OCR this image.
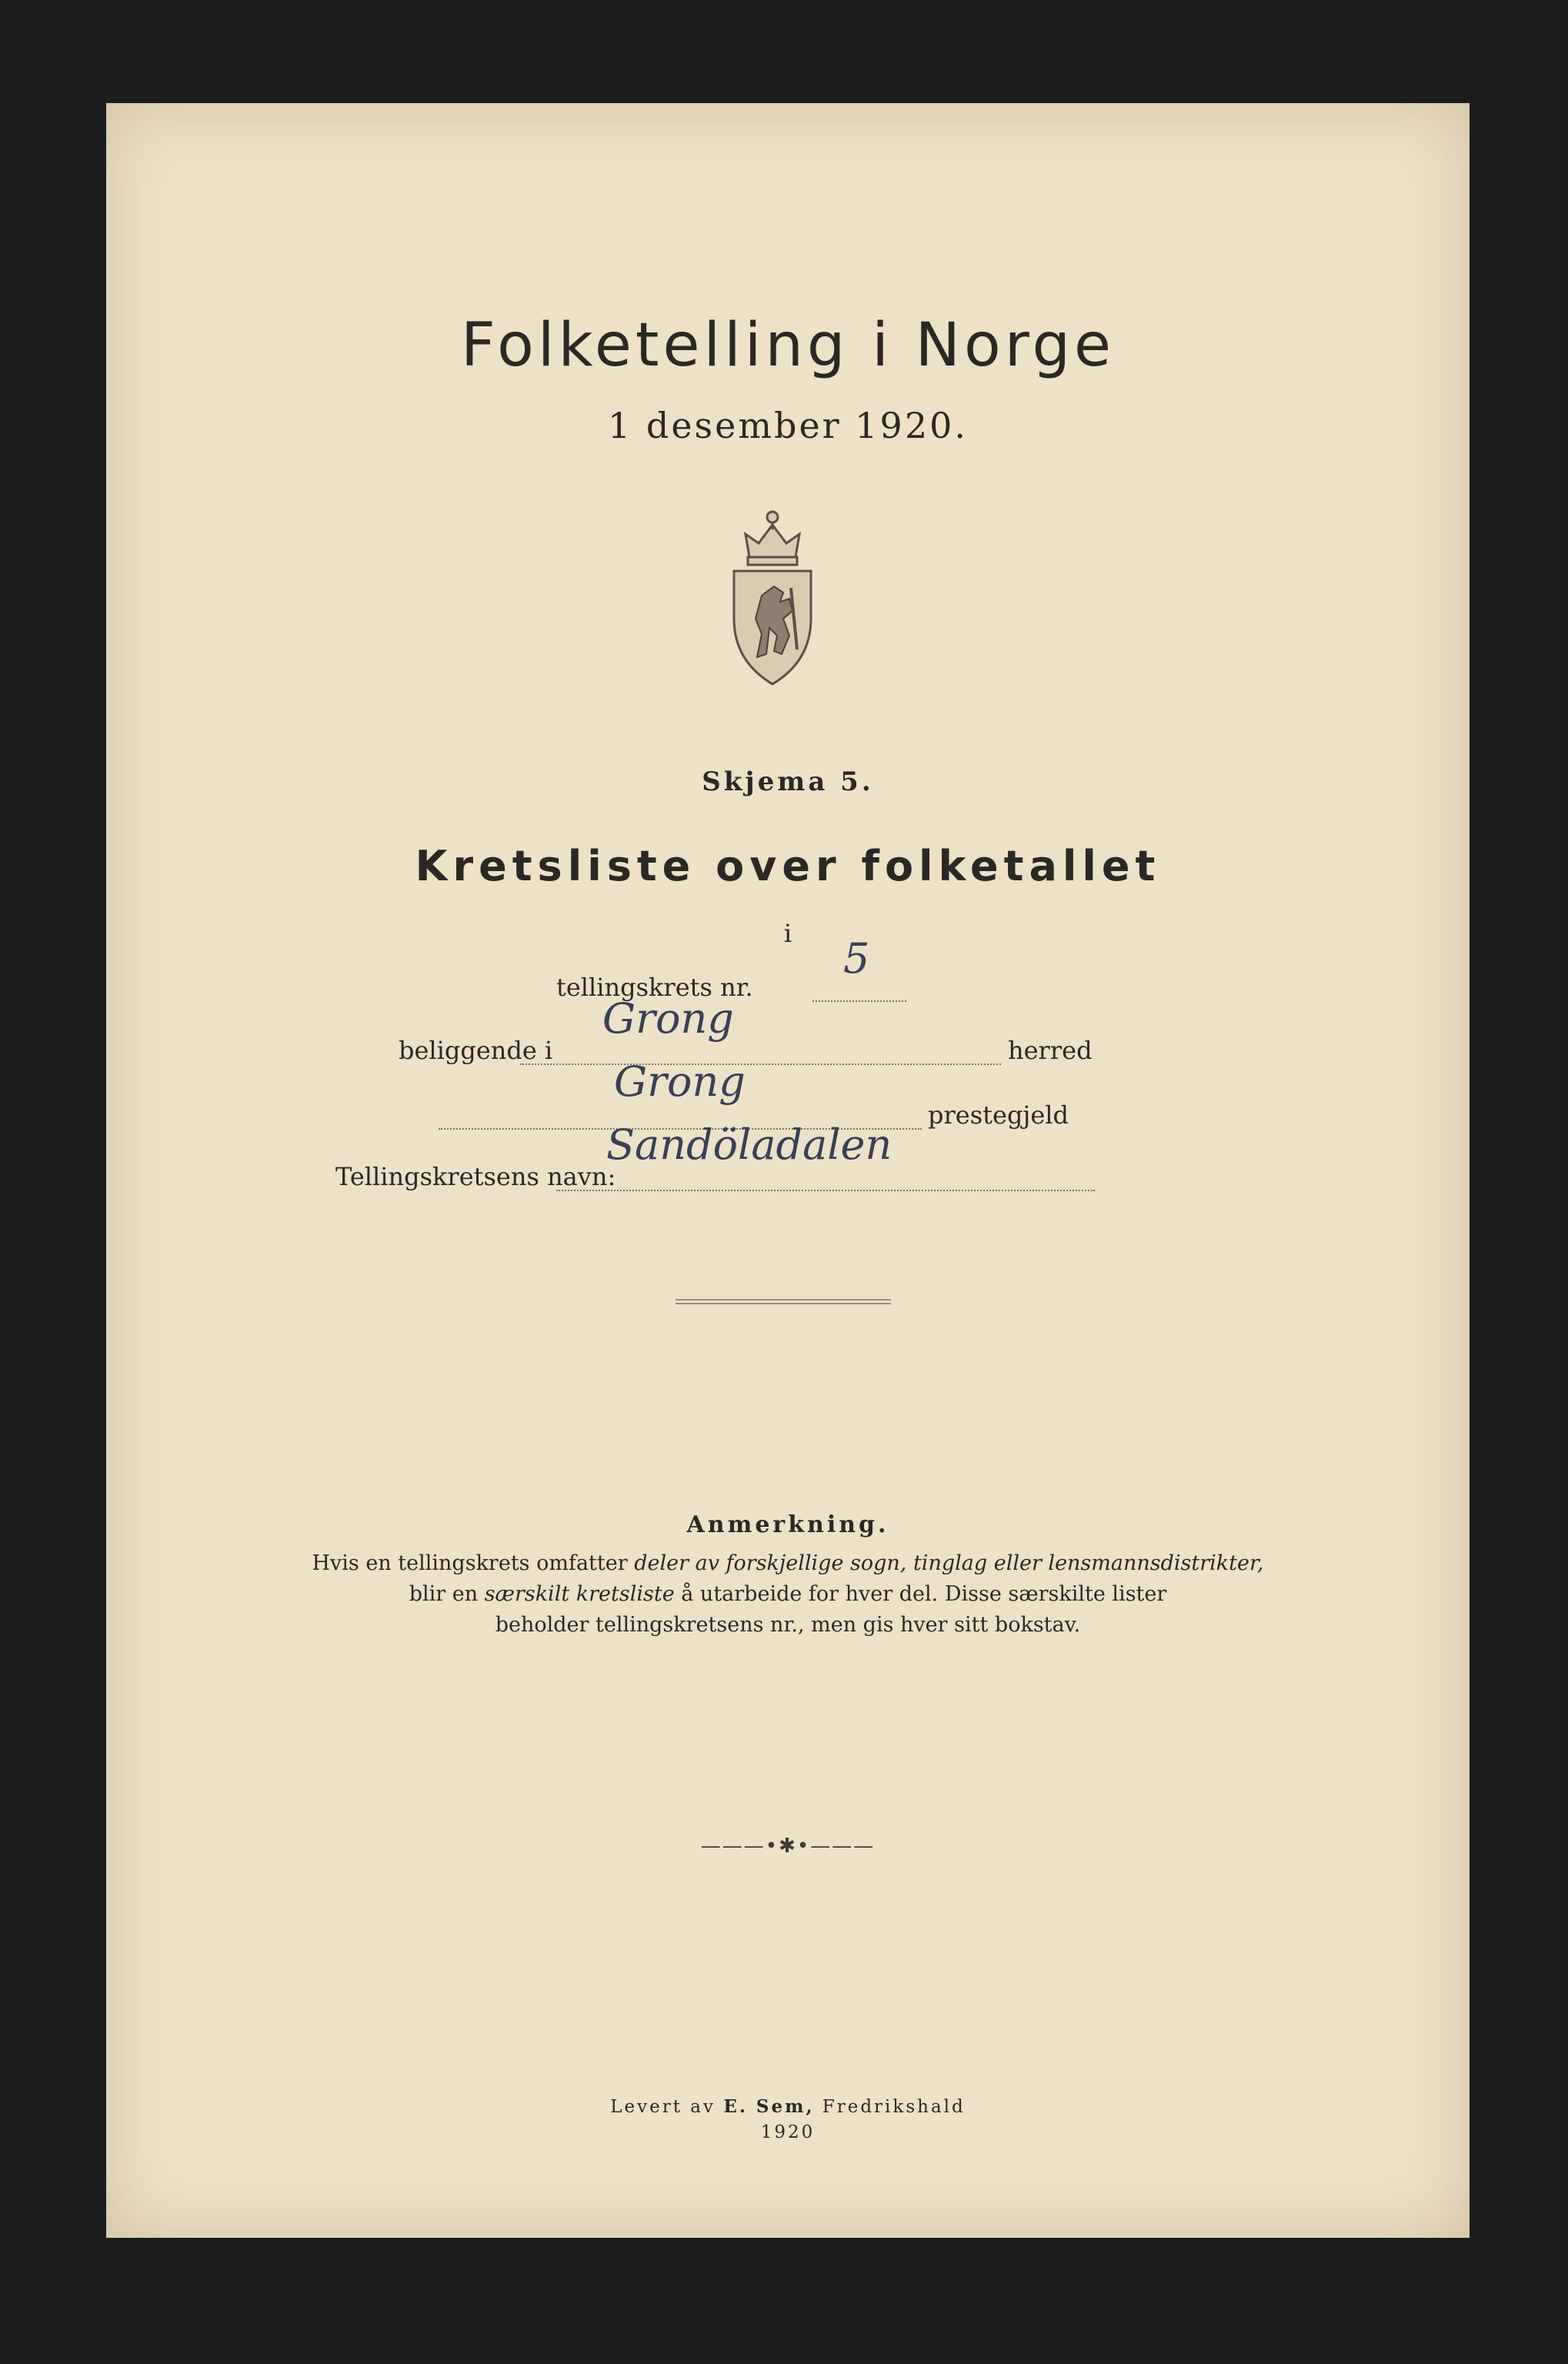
Folketelling i Norge
1 desember 1920.
Skjema 5.
Kretsliste over folketallet
i
tellingskrets nr.
5
beliggende i
Grong
herred
Grong
prestegjeld
Tellingskretsens navn:
Sandöladalen
Anmerkning.
Hvis en tellingskrets omfatter deler av forskjellige sogn, tinglag eller lensmannsdistrikter,
blir en særskilt kretsliste å utarbeide for hver del. Disse særskilte lister
beholder tellingskretsens nr., men gis hver sitt bokstav.
———•✱•———
Levert av E. Sem, Fredrikshald
1920
